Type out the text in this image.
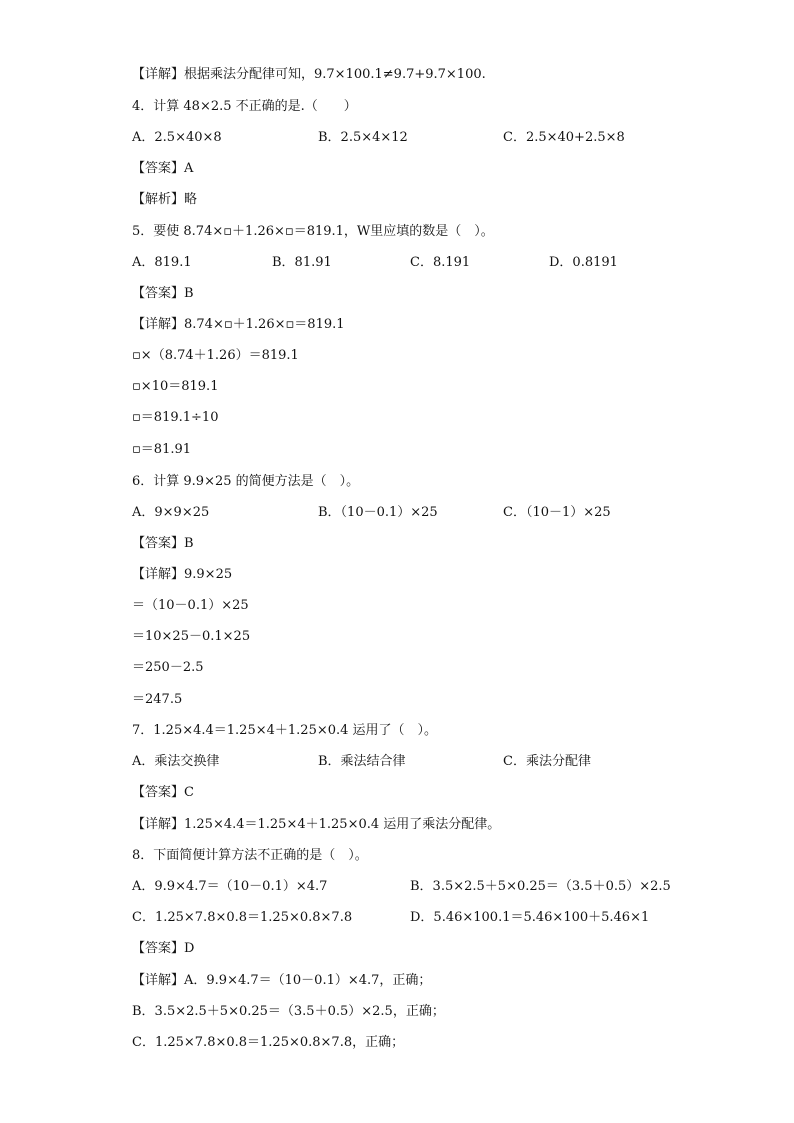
【详解】根据乘法分配律可知，9.7×100.1≠9.7+9.7×100.
4．计算 48×2.5 不正确的是.（　　）
A．2.5×40×8	B．2.5×4×12	C．2.5×40+2.5×8
【答案】A
【解析】略
5．要使 8.74×▫＋1.26×▫＝819.1，W里应填的数是（　）。
A．819.1	B．81.91	C．8.191	D．0.8191
【答案】B
【详解】8.74×▫＋1.26×▫＝819.1
▫×（8.74＋1.26）＝819.1
▫×10＝819.1
▫＝819.1÷10
▫＝81.91
6．计算 9.9×25 的简便方法是（　）。
A．9×9×25	B．（10－0.1）×25	C．（10－1）×25
【答案】B
【详解】9.9×25
＝（10－0.1）×25
＝10×25－0.1×25
＝250－2.5
＝247.5
7．1.25×4.4＝1.25×4＋1.25×0.4 运用了（　）。
A．乘法交换律	B．乘法结合律	C．乘法分配律
【答案】C
【详解】1.25×4.4＝1.25×4＋1.25×0.4 运用了乘法分配律。
8．下面简便计算方法不正确的是（　）。
A．9.9×4.7＝（10－0.1）×4.7	B．3.5×2.5＋5×0.25＝（3.5＋0.5）×2.5
C．1.25×7.8×0.8＝1.25×0.8×7.8	D．5.46×100.1＝5.46×100＋5.46×1
【答案】D
【详解】A．9.9×4.7＝（10－0.1）×4.7，正确；
B．3.5×2.5＋5×0.25＝（3.5＋0.5）×2.5，正确；
C．1.25×7.8×0.8＝1.25×0.8×7.8，正确；
